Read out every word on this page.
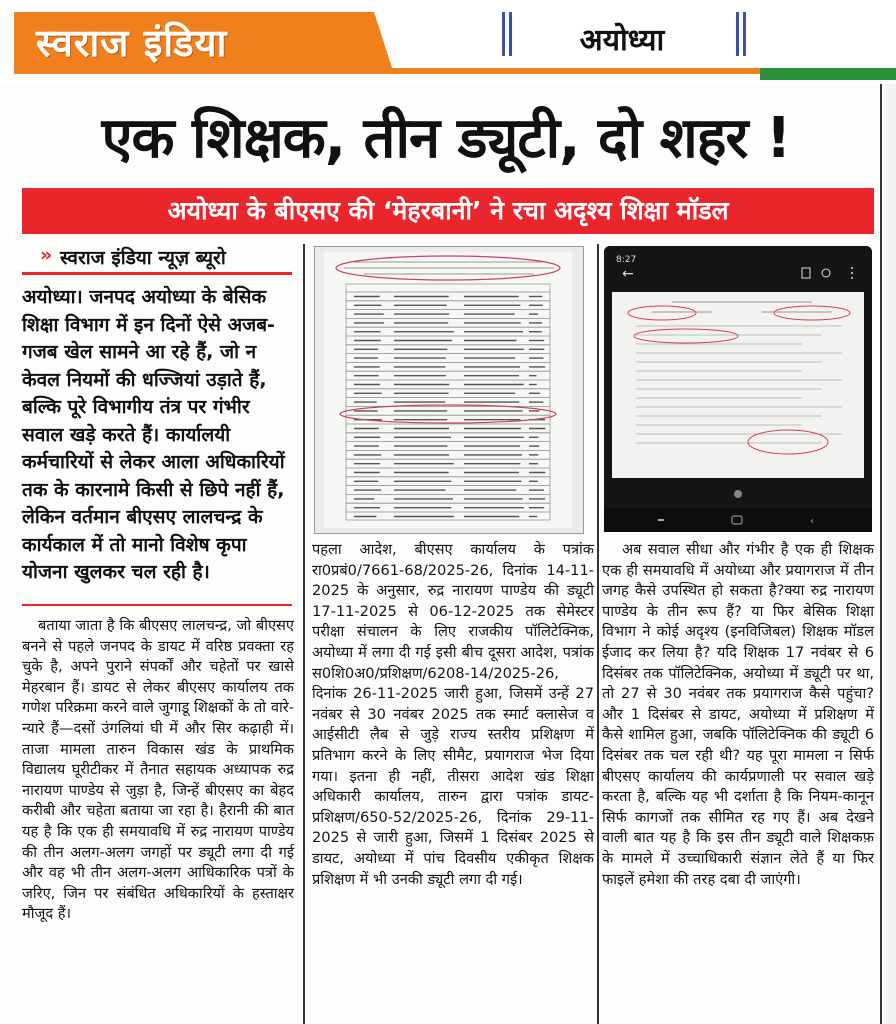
स्वराज इंडिया	अयोध्या
एक शिक्षक, तीन ड्यूटी, दो शहर !
अयोध्या के बीएसए की ‘मेहरबानी’ ने रचा अदृश्य शिक्षा मॉडल
» स्वराज इंडिया न्यूज़ ब्यूरो
अयोध्या। जनपद अयोध्या के बेसिक शिक्षा विभाग में इन दिनों ऐसे अजब-गजब खेल सामने आ रहे हैं, जो न केवल नियमों की धज्जियां उड़ाते हैं, बल्कि पूरे विभागीय तंत्र पर गंभीर सवाल खड़े करते हैं। कार्यालयी कर्मचारियों से लेकर आला अधिकारियों तक के कारनामे किसी से छिपे नहीं हैं, लेकिन वर्तमान बीएसए लालचन्द्र के कार्यकाल में तो मानो विशेष कृपा योजना खुलकर चल रही है।
8:27
←
‹
बताया जाता है कि बीएसए लालचन्द्र, जो बीएसए बनने से पहले जनपद के डायट में वरिष्ठ प्रवक्ता रह चुके है, अपने पुराने संपर्कों और चहेतों पर खासे मेहरबान हैं। डायट से लेकर बीएसए कार्यालय तक गणेश परिक्रमा करने वाले जुगाडू शिक्षकों के तो वारे-न्यारे हैं—दसों उंगलियां घी में और सिर कढ़ाही में।ताजा मामला तारुन विकास खंड के प्राथमिक विद्यालय घूरीटीकर में तैनात सहायक अध्यापक रुद्र नारायण पाण्डेय से जुड़ा है, जिन्हें बीएसए का बेहद करीबी और चहेता बताया जा रहा है। हैरानी की बात यह है कि एक ही समयावधि में रुद्र नारायण पाण्डेय की तीन अलग-अलग जगहों पर ड्यूटी लगा दी गई और वह भी तीन अलग-अलग आधिकारिक पत्रों के जरिए, जिन पर संबंधित अधिकारियों के हस्ताक्षर मौजूद हैं।
पहला आदेश, बीएसए कार्यालय के पत्रांक रा0प्रबं0/7661-68/2025-26, दिनांक 14-11-2025 के अनुसार, रुद्र नारायण पाण्डेय की ड्यूटी 17-11-2025 से 06-12-2025 तक सेमेस्टर परीक्षा संचालन के लिए राजकीय पॉलिटेक्निक, अयोध्या में लगा दी गई इसी बीच दूसरा आदेश, पत्रांक स0शि0अ0/प्रशिक्षण/6208-14/2025-26, दिनांक 26-11-2025 जारी हुआ, जिसमें उन्हें 27 नवंबर से 30 नवंबर 2025 तक स्मार्ट क्लासेज व आईसीटी लैब से जुड़े राज्य स्तरीय प्रशिक्षण में प्रतिभाग करने के लिए सीमैट, प्रयागराज भेज दिया गया। इतना ही नहीं, तीसरा आदेश खंड शिक्षा अधिकारी कार्यालय, तारुन द्वारा पत्रांक डायट-प्रशिक्षण/650-52/2025-26, दिनांक 29-11-2025 से जारी हुआ, जिसमें 1 दिसंबर 2025 से डायट, अयोध्या में पांच दिवसीय एकीकृत शिक्षक प्रशिक्षण में भी उनकी ड्यूटी लगा दी गई।
अब सवाल सीधा और गंभीर है एक ही शिक्षक एक ही समयावधि में अयोध्या और प्रयागराज में तीन जगह कैसे उपस्थित हो सकता है?क्या रुद्र नारायण पाण्डेय के तीन रूप हैं? या फिर बेसिक शिक्षा विभाग ने कोई अदृश्य (इनविजिबल) शिक्षक मॉडल ईजाद कर लिया है? यदि शिक्षक 17 नवंबर से 6 दिसंबर तक पॉलिटेक्निक, अयोध्या में ड्यूटी पर था, तो 27 से 30 नवंबर तक प्रयागराज कैसे पहुंचा? और 1 दिसंबर से डायट, अयोध्या में प्रशिक्षण में कैसे शामिल हुआ, जबकि पॉलिटेक्निक की ड्यूटी 6 दिसंबर तक चल रही थी? यह पूरा मामला न सिर्फ बीएसए कार्यालय की कार्यप्रणाली पर सवाल खड़े करता है, बल्कि यह भी दर्शाता है कि नियम-कानून सिर्फ कागजों तक सीमित रह गए हैं। अब देखने वाली बात यह है कि इस तीन ड्यूटी वाले शिक्षकफ़ के मामले में उच्चाधिकारी संज्ञान लेते हैं या फिर फाइलें हमेशा की तरह दबा दी जाएंगी।
